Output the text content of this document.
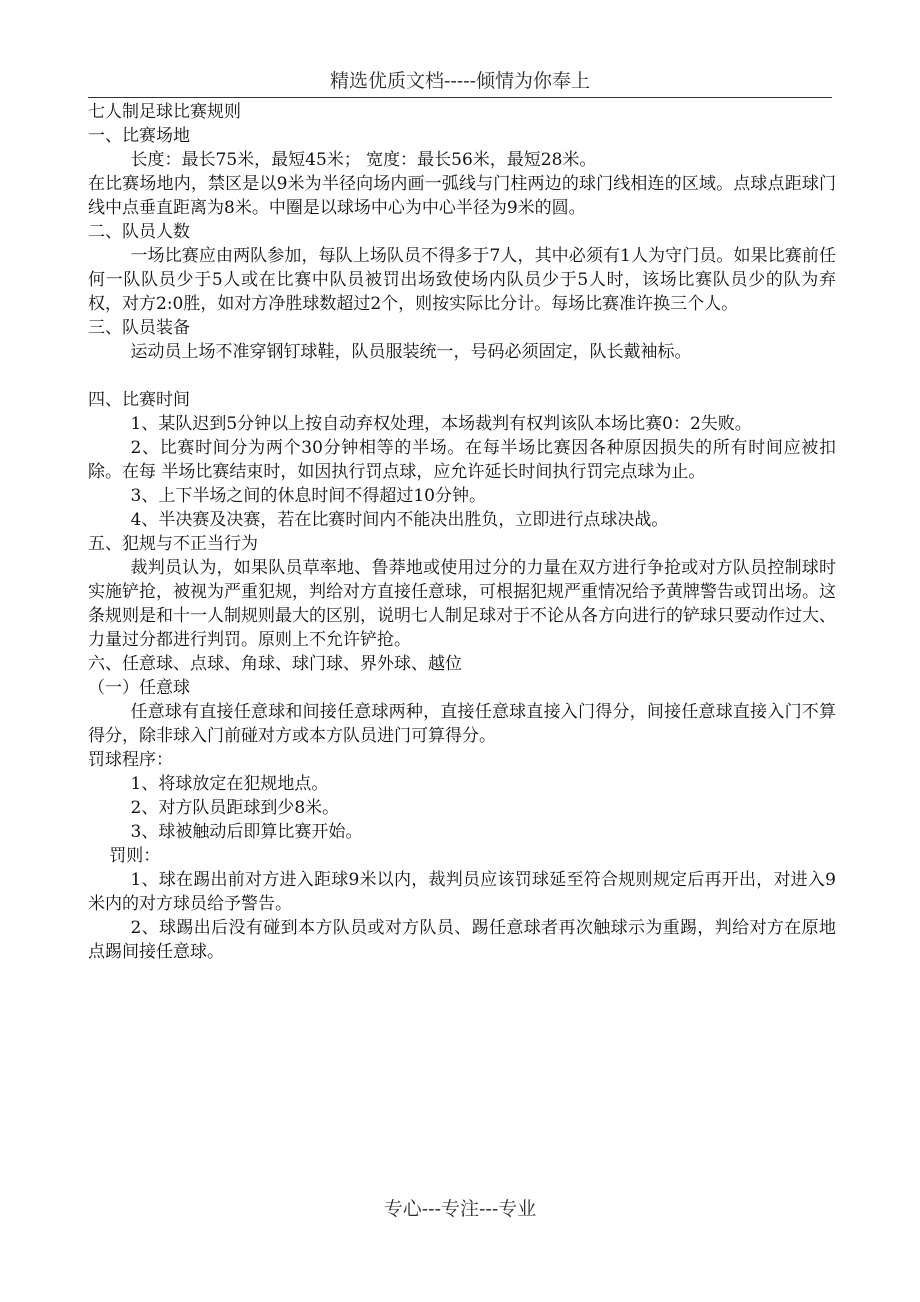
精选优质文档-----倾情为你奉上

七人制足球比赛规则

一、比赛场地

长度：最长75米，最短45米； 宽度：最长56米，最短28米。

在比赛场地内，禁区是以9米为半径向场内画一弧线与门柱两边的球门线相连的区域。点球点距球门线中点垂直距离为8米。中圈是以球场中心为中心半径为9米的圆。

二、队员人数

一场比赛应由两队参加，每队上场队员不得多于7人，其中必须有1人为守门员。如果比赛前任何一队队员少于5人或在比赛中队员被罚出场致使场内队员少于5人时，该场比赛队员少的队为弃权，对方2:0胜，如对方净胜球数超过2个，则按实际比分计。每场比赛准许换三个人。

三、队员装备

运动员上场不准穿钢钉球鞋，队员服装统一，号码必须固定，队长戴袖标。

四、比赛时间

1、某队迟到5分钟以上按自动弃权处理，本场裁判有权判该队本场比赛0：2失败。

2、比赛时间分为两个30分钟相等的半场。在每半场比赛因各种原因损失的所有时间应被扣除。在每 半场比赛结束时，如因执行罚点球，应允许延长时间执行罚完点球为止。

3、上下半场之间的休息时间不得超过10分钟。

4、半决赛及决赛，若在比赛时间内不能决出胜负，立即进行点球决战。

五、犯规与不正当行为

裁判员认为，如果队员草率地、鲁莽地或使用过分的力量在双方进行争抢或对方队员控制球时实施铲抢，被视为严重犯规，判给对方直接任意球，可根据犯规严重情况给予黄牌警告或罚出场。这条规则是和十一人制规则最大的区别，说明七人制足球对于不论从各方向进行的铲球只要动作过大、力量过分都进行判罚。原则上不允许铲抢。

六、任意球、点球、角球、球门球、界外球、越位

（一）任意球

任意球有直接任意球和间接任意球两种，直接任意球直接入门得分，间接任意球直接入门不算得分，除非球入门前碰对方或本方队员进门可算得分。

罚球程序：

1、将球放定在犯规地点。

2、对方队员距球到少8米。

3、球被触动后即算比赛开始。

罚则：

1、球在踢出前对方进入距球9米以内，裁判员应该罚球延至符合规则规定后再开出，对进入9米内的对方球员给予警告。

2、球踢出后没有碰到本方队员或对方队员、踢任意球者再次触球示为重踢，判给对方在原地点踢间接任意球。

专心---专注---专业
